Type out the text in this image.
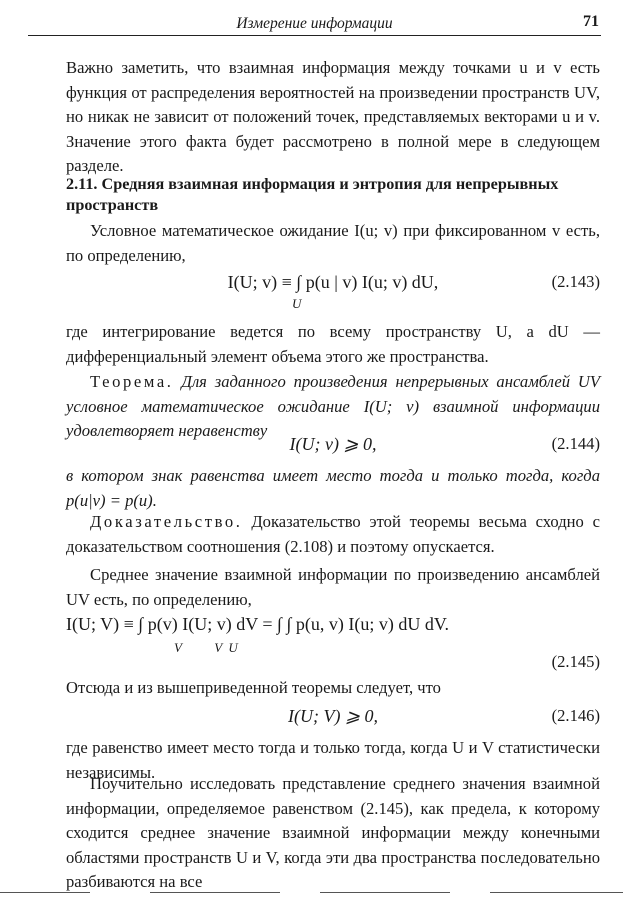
Измерение информации	71

Важно заметить, что взаимная информация между точками u и v есть функция от распределения вероятностей на произведении пространств UV, но никак не зависит от положений точек, представляемых векторами u и v. Значение этого факта будет рассмотрено в полной мере в следующем разделе.

2.11. Средняя взаимная информация и энтропия для непрерывных пространств

Условное математическое ожидание I(u; v) при фиксированном v есть, по определению,

I(U; v) ≡ ∫ p(u | v) I(u; v) dU,	(2.143)
U

где интегрирование ведется по всему пространству U, а dU — дифференциальный элемент объема этого же пространства.

Теорема. Для заданного произведения непрерывных ансамблей UV условное математическое ожидание I(U; v) взаимной информации удовлетворяет неравенству

I(U; v) ⩾ 0,	(2.144)

в котором знак равенства имеет место тогда и только тогда, когда p(u|v) = p(u).

Доказательство. Доказательство этой теоремы весьма сходно с доказательством соотношения (2.108) и поэтому опускается.

Среднее значение взаимной информации по произведению ансамблей UV есть, по определению,

I(U; V) ≡ ∫ p(v) I(U; v) dV = ∫ ∫ p(u, v) I(u; v) dU dV.
V          V  U
(2.145)

Отсюда и из вышеприведенной теоремы следует, что

I(U; V) ⩾ 0,	(2.146)

где равенство имеет место тогда и только тогда, когда U и V статистически независимы.

Поучительно исследовать представление среднего значения взаимной информации, определяемое равенством (2.145), как предела, к которому сходится среднее значение взаимной информации между конечными областями пространств U и V, когда эти два пространства последовательно разбиваются на все
